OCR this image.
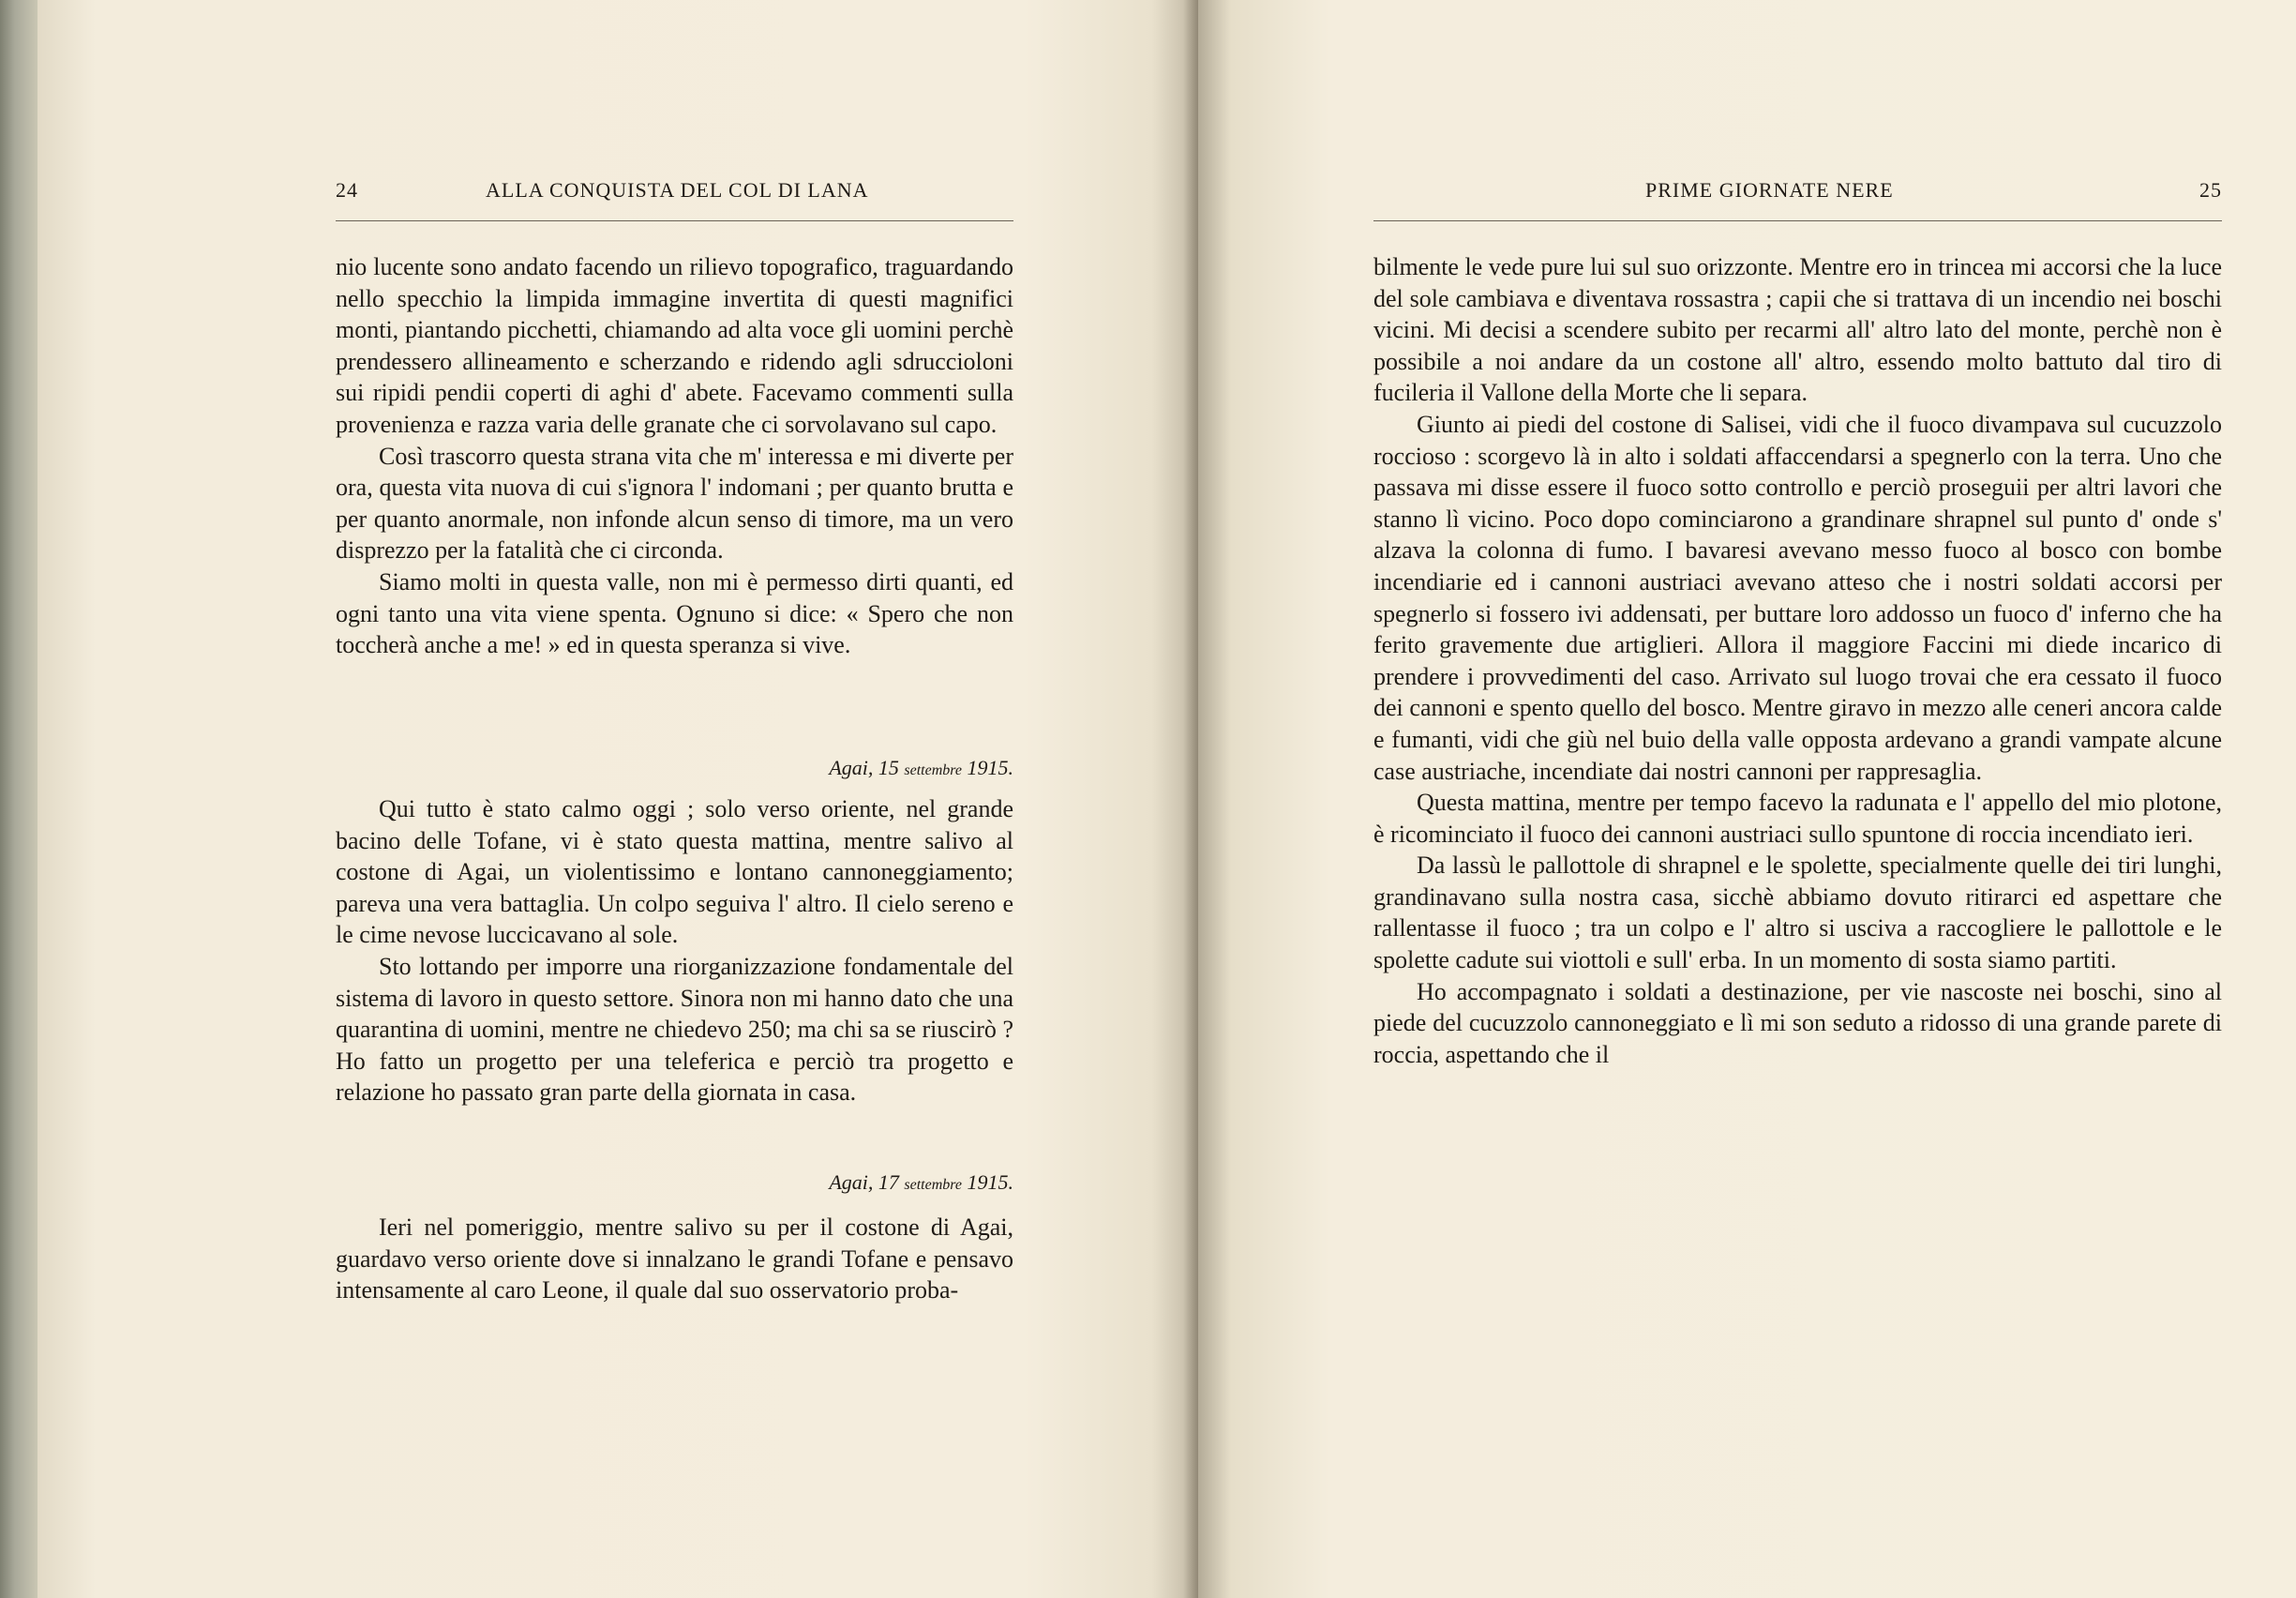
24	ALLA CONQUISTA DEL COL DI LANA

nio lucente sono andato facendo un rilievo topografico, traguardando nello specchio la limpida immagine invertita di questi magnifici monti, piantando picchetti, chiamando ad alta voce gli uomini perchè prendessero allineamento e scherzando e ridendo agli sdruccioloni sui ripidi pendii coperti di aghi d' abete. Facevamo commenti sulla provenienza e razza varia delle granate che ci sorvolavano sul capo.

Così trascorro questa strana vita che m' interessa e mi diverte per ora, questa vita nuova di cui s'ignora l' indomani ; per quanto brutta e per quanto anormale, non infonde alcun senso di timore, ma un vero disprezzo per la fatalità che ci circonda.

Siamo molti in questa valle, non mi è permesso dirti quanti, ed ogni tanto una vita viene spenta. Ognuno si dice: « Spero che non toccherà anche a me! » ed in questa speranza si vive.

Agai, 15 settembre 1915.

Qui tutto è stato calmo oggi ; solo verso oriente, nel grande bacino delle Tofane, vi è stato questa mattina, mentre salivo al costone di Agai, un violentissimo e lontano cannoneggiamento; pareva una vera battaglia. Un colpo seguiva l' altro. Il cielo sereno e le cime nevose luccicavano al sole.

Sto lottando per imporre una riorganizzazione fondamentale del sistema di lavoro in questo settore. Sinora non mi hanno dato che una quarantina di uomini, mentre ne chiedevo 250; ma chi sa se riuscirò ? Ho fatto un progetto per una teleferica e perciò tra progetto e relazione ho passato gran parte della giornata in casa.

Agai, 17 settembre 1915.

Ieri nel pomeriggio, mentre salivo su per il costone di Agai, guardavo verso oriente dove si innalzano le grandi Tofane e pensavo intensamente al caro Leone, il quale dal suo osservatorio proba-

PRIME GIORNATE NERE	25

bilmente le vede pure lui sul suo orizzonte. Mentre ero in trincea mi accorsi che la luce del sole cambiava e diventava rossastra ; capii che si trattava di un incendio nei boschi vicini. Mi decisi a scendere subito per recarmi all' altro lato del monte, perchè non è possibile a noi andare da un costone all' altro, essendo molto battuto dal tiro di fucileria il Vallone della Morte che li separa.

Giunto ai piedi del costone di Salisei, vidi che il fuoco divampava sul cucuzzolo roccioso : scorgevo là in alto i soldati affaccendarsi a spegnerlo con la terra. Uno che passava mi disse essere il fuoco sotto controllo e perciò proseguii per altri lavori che stanno lì vicino. Poco dopo cominciarono a grandinare shrapnel sul punto d' onde s' alzava la colonna di fumo. I bavaresi avevano messo fuoco al bosco con bombe incendiarie ed i cannoni austriaci avevano atteso che i nostri soldati accorsi per spegnerlo si fossero ivi addensati, per buttare loro addosso un fuoco d' inferno che ha ferito gravemente due artiglieri. Allora il maggiore Faccini mi diede incarico di prendere i provvedimenti del caso. Arrivato sul luogo trovai che era cessato il fuoco dei cannoni e spento quello del bosco. Mentre giravo in mezzo alle ceneri ancora calde e fumanti, vidi che giù nel buio della valle opposta ardevano a grandi vampate alcune case austriache, incendiate dai nostri cannoni per rappresaglia.

Questa mattina, mentre per tempo facevo la radunata e l' appello del mio plotone, è ricominciato il fuoco dei cannoni austriaci sullo spuntone di roccia incendiato ieri.

Da lassù le pallottole di shrapnel e le spolette, specialmente quelle dei tiri lunghi, grandinavano sulla nostra casa, sicchè abbiamo dovuto ritirarci ed aspettare che rallentasse il fuoco ; tra un colpo e l' altro si usciva a raccogliere le pallottole e le spolette cadute sui viottoli e sull' erba. In un momento di sosta siamo partiti.

Ho accompagnato i soldati a destinazione, per vie nascoste nei boschi, sino al piede del cucuzzolo cannoneggiato e lì mi son seduto a ridosso di una grande parete di roccia, aspettando che il
